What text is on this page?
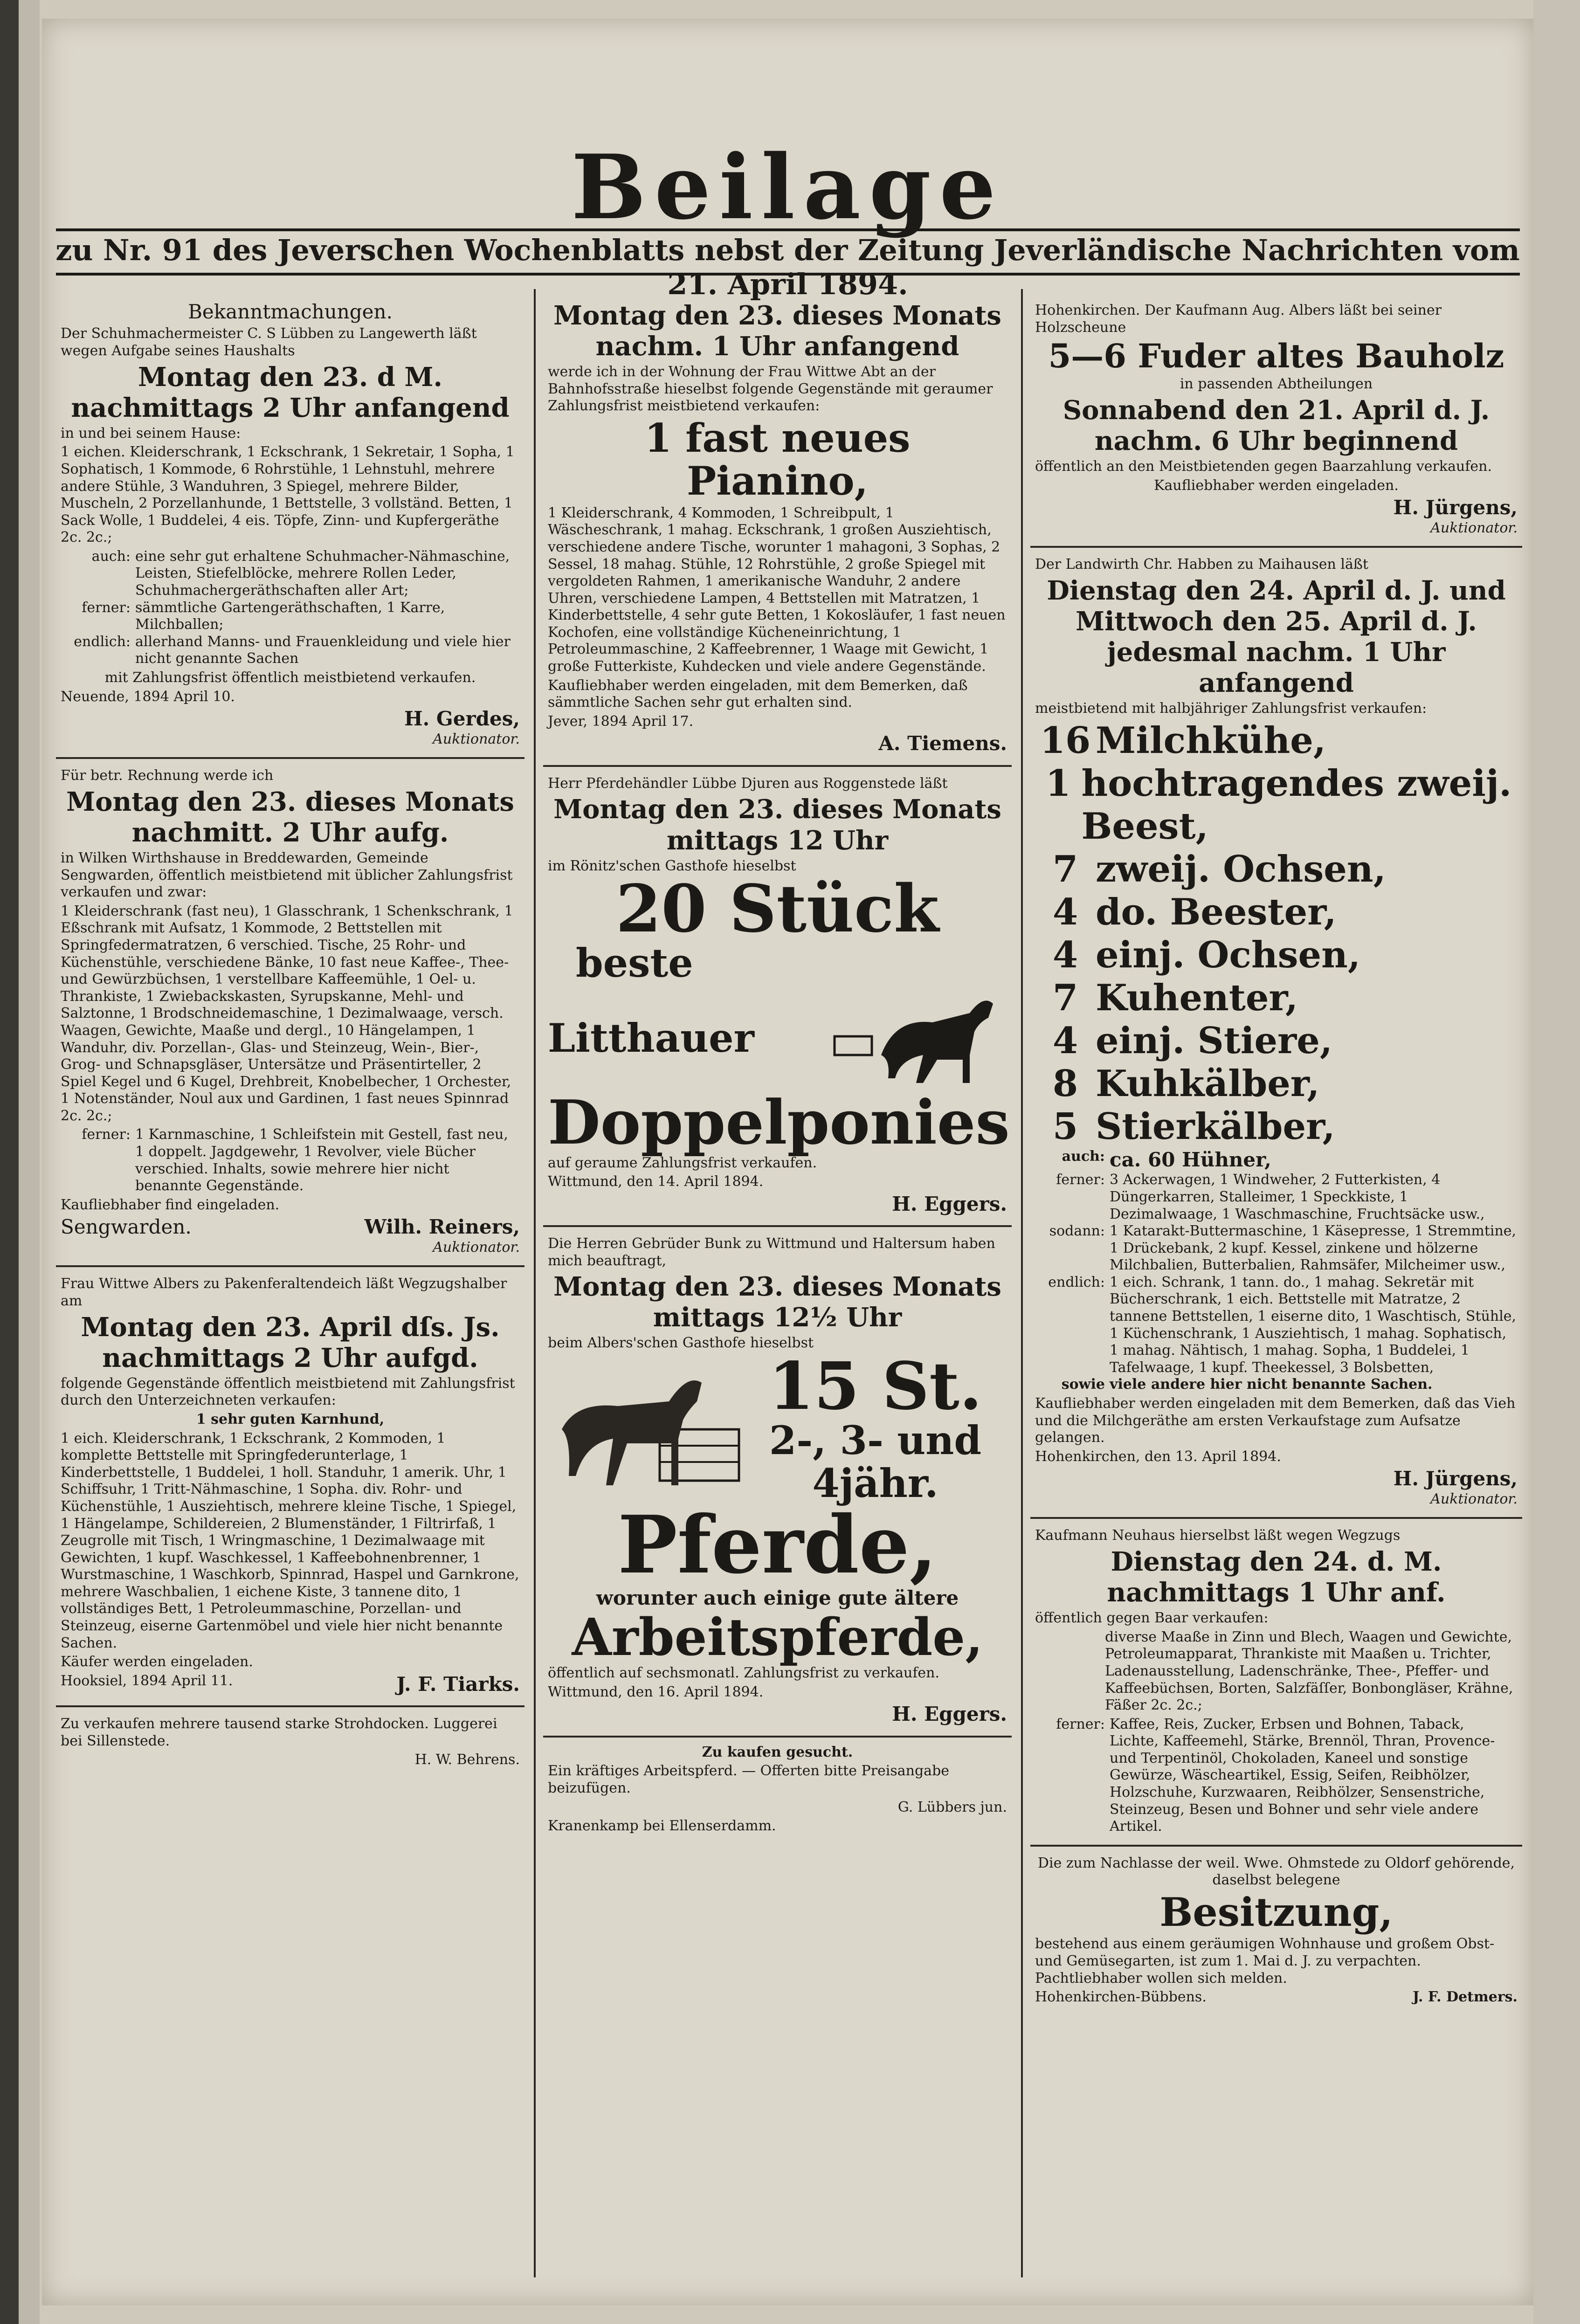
Beilage
zu Nr. 91 des Jeverschen Wochenblatts nebst der Zeitung Jeverländische Nachrichten vom 21. April 1894.
Bekanntmachungen.

Der Schuhmachermeister C. S Lübben zu Langewerth läßt wegen Aufgabe seines Haushalts

Montag den 23. d M.
nachmittags 2 Uhr anfangend

in und bei seinem Hause:

1 eichen. Kleiderschrank, 1 Eckschrank, 1 Sekretair, 1 Sopha, 1 Sophatisch, 1 Kommode, 6 Rohrstühle, 1 Lehnstuhl, mehrere andere Stühle, 3 Wanduhren, 3 Spiegel, mehrere Bilder, Muscheln, 2 Porzellanhunde, 1 Bettstelle, 3 vollständ. Betten, 1 Sack Wolle, 1 Buddelei, 4 eis. Töpfe, Zinn- und Kupfergeräthe 2c. 2c.;

auch: eine sehr gut erhaltene Schuhmacher-Nähmaschine, Leisten, Stiefelblöcke, mehrere Rollen Leder, Schuhmachergeräthschaften aller Art;
ferner: sämmtliche Gartengeräthschaften, 1 Karre, Milchballen;
endlich: allerhand Manns- und Frauenkleidung und viele hier nicht genannte Sachen

mit Zahlungsfrist öffentlich meistbietend verkaufen.

Neuende, 1894 April 10.

H. Gerdes,
Auktionator.

Für betr. Rechnung werde ich

Montag den 23. dieses Monats
nachmitt. 2 Uhr aufg.

in Wilken Wirthshause in Breddewarden, Gemeinde Sengwarden, öffentlich meistbietend mit üblicher Zahlungsfrist verkaufen und zwar:

1 Kleiderschrank (fast neu), 1 Glasschrank, 1 Schenkschrank, 1 Eßschrank mit Aufsatz, 1 Kommode, 2 Bettstellen mit Springfedermatratzen, 6 verschied. Tische, 25 Rohr- und Küchenstühle, verschiedene Bänke, 10 fast neue Kaffee-, Thee- und Gewürzbüchsen, 1 verstellbare Kaffeemühle, 1 Oel- u. Thrankiste, 1 Zwiebackskasten, Syrupskanne, Mehl- und Salztonne, 1 Brodschneidemaschine, 1 Dezimalwaage, versch. Waagen, Gewichte, Maaße und dergl., 10 Hängelampen, 1 Wanduhr, div. Porzellan-, Glas- und Steinzeug, Wein-, Bier-, Grog- und Schnapsgläser, Untersätze und Präsentirteller, 2 Spiel Kegel und 6 Kugel, Drehbreit, Knobelbecher, 1 Orchester, 1 Notenständer, Noul aux und Gardinen, 1 fast neues Spinnrad 2c. 2c.;

ferner: 1 Karnmaschine, 1 Schleifstein mit Gestell, fast neu, 1 doppelt. Jagdgewehr, 1 Revolver, viele Bücher verschied. Inhalts, sowie mehrere hier nicht benannte Gegenstände.

Kaufliebhaber find eingeladen.

Sengwarden.	Wilh. Reiners,
Auktionator.

Frau Wittwe Albers zu Pakenferaltendeich läßt Wegzugshalber am

Montag den 23. April dſs. Js.
nachmittags 2 Uhr aufgd.

folgende Gegenstände öffentlich meistbietend mit Zahlungsfrist durch den Unterzeichneten verkaufen:

1 sehr guten Karnhund,

1 eich. Kleiderschrank, 1 Eckschrank, 2 Kommoden, 1 komplette Bettstelle mit Springfederunterlage, 1 Kinderbettstelle, 1 Buddelei, 1 holl. Standuhr, 1 amerik. Uhr, 1 Schiffsuhr, 1 Tritt-Nähmaschine, 1 Sopha. div. Rohr- und Küchenstühle, 1 Ausziehtisch, mehrere kleine Tische, 1 Spiegel, 1 Hängelampe, Schildereien, 2 Blumenständer, 1 Filtrirfaß, 1 Zeugrolle mit Tisch, 1 Wringmaschine, 1 Dezimalwaage mit Gewichten, 1 kupf. Waschkessel, 1 Kaffeebohnenbrenner, 1 Wurstmaschine, 1 Waschkorb, Spinnrad, Haspel und Garnkrone, mehrere Waschbalien, 1 eichene Kiste, 3 tannene dito, 1 vollständiges Bett, 1 Petroleummaschine, Porzellan- und Steinzeug, eiserne Gartenmöbel und viele hier nicht benannte Sachen.

Käufer werden eingeladen.

Hooksiel, 1894 April 11.	J. F. Tiarks.

Zu verkaufen mehrere tausend starke Strohdocken. Luggerei bei Sillenstede.

H. W. Behrens.
Montag den 23. dieses Monats
nachm. 1 Uhr anfangend

werde ich in der Wohnung der Frau Wittwe Abt an der Bahnhofsstraße hieselbst folgende Gegenstände mit geraumer Zahlungsfrist meistbietend verkaufen:

1 fast neues Pianino,

1 Kleiderschrank, 4 Kommoden, 1 Schreibpult, 1 Wäscheschrank, 1 mahag. Eckschrank, 1 großen Ausziehtisch, verschiedene andere Tische, worunter 1 mahagoni, 3 Sophas, 2 Sessel, 18 mahag. Stühle, 12 Rohrstühle, 2 große Spiegel mit vergoldeten Rahmen, 1 amerikanische Wanduhr, 2 andere Uhren, verschiedene Lampen, 4 Bettstellen mit Matratzen, 1 Kinderbettstelle, 4 sehr gute Betten, 1 Kokosläufer, 1 fast neuen Kochofen, eine vollständige Kücheneinrichtung, 1 Petroleummaschine, 2 Kaffeebrenner, 1 Waage mit Gewicht, 1 große Futterkiste, Kuhdecken und viele andere Gegenstände.

Kaufliebhaber werden eingeladen, mit dem Bemerken, daß sämmtliche Sachen sehr gut erhalten sind.

Jever, 1894 April 17.

A. Tiemens.

Herr Pferdehändler Lübbe Djuren aus Roggenstede läßt

Montag den 23. dieses Monats
mittags 12 Uhr

im Rönitz'schen Gasthofe hieselbst

20 Stück
beste
Litthauer
Doppelponies

auf geraume Zahlungsfrist verkaufen.

Wittmund, den 14. April 1894.

H. Eggers.

Die Herren Gebrüder Bunk zu Wittmund und Haltersum haben mich beauftragt,

Montag den 23. dieses Monats
mittags 12½ Uhr

beim Albers'schen Gasthofe hieselbst

15 St.
2-, 3- und
4jähr.
Pferde,

worunter auch einige gute ältere

Arbeitspferde,

öffentlich auf sechsmonatl. Zahlungsfrist zu verkaufen.

Wittmund, den 16. April 1894.

H. Eggers.
Zu kaufen gesucht.

Ein kräftiges Arbeitspferd. — Offerten bitte Preisangabe beizufügen.

G. Lübbers jun.

Kranenkamp bei Ellenserdamm.

Hohenkirchen. Der Kaufmann Aug. Albers läßt bei seiner Holzscheune

5—6 Fuder altes Bauholz

in passenden Abtheilungen

Sonnabend den 21. April d. J.
nachm. 6 Uhr beginnend

öffentlich an den Meistbietenden gegen Baarzahlung verkaufen.

Kaufliebhaber werden eingeladen.

H. Jürgens,
Auktionator.

Der Landwirth Chr. Habben zu Maihausen läßt

Dienstag den 24. April d. J. und
Mittwoch den 25. April d. J.
jedesmal nachm. 1 Uhr anfangend

meistbietend mit halbjähriger Zahlungsfrist verkaufen:

16 Milchkühe,
1 hochtragendes zweij. Beest,
7 zweij. Ochsen,
4 do. Beester,
4 einj. Ochsen,
7 Kuhenter,
4 einj. Stiere,
8 Kuhkälber,
5 Stierkälber,
auch: ca. 60 Hühner,
ferner: 3 Ackerwagen, 1 Windweher, 2 Futterkisten, 4 Düngerkarren, Stalleimer, 1 Speckkiste, 1 Dezimalwaage, 1 Waschmaschine, Fruchtsäcke usw.,
sodann: 1 Katarakt-Buttermaschine, 1 Käsepresse, 1 Stremmtine, 1 Drückebank, 2 kupf. Kessel, zinkene und hölzerne Milchbalien, Butterbalien, Rahmsäfer, Milcheimer usw.,
endlich: 1 eich. Schrank, 1 tann. do., 1 mahag. Sekretär mit Bücherschrank, 1 eich. Bettstelle mit Matratze, 2 tannene Bettstellen, 1 eiserne dito, 1 Waschtisch, Stühle, 1 Küchenschrank, 1 Ausziehtisch, 1 mahag. Sophatisch, 1 mahag. Nähtisch, 1 mahag. Sopha, 1 Buddelei, 1 Tafelwaage, 1 kupf. Theekessel, 3 Bolsbetten,
sowie viele andere hier nicht benannte Sachen.

Kaufliebhaber werden eingeladen mit dem Bemerken, daß das Vieh und die Milchgeräthe am ersten Verkaufstage zum Aufsatze gelangen.

Hohenkirchen, den 13. April 1894.

H. Jürgens,
Auktionator.

Kaufmann Neuhaus hierselbst läßt wegen Wegzugs

Dienstag den 24. d. M.
nachmittags 1 Uhr anf.

öffentlich gegen Baar verkaufen:

diverse Maaße in Zinn und Blech, Waagen und Gewichte, Petroleumapparat, Thrankiste mit Maaßen u. Trichter, Ladenausstellung, Ladenschränke, Thee-, Pfeffer- und Kaffeebüchsen, Borten, Salzfäſſer, Bonbongläser, Krähne, Fäßer 2c. 2c.;

ferner: Kaffee, Reis, Zucker, Erbsen und Bohnen, Taback, Lichte, Kaffeemehl, Stärke, Brennöl, Thran, Provence- und Terpentinöl, Chokoladen, Kaneel und sonstige Gewürze, Wäscheartikel, Essig, Seifen, Reibhölzer, Holzschuhe, Kurzwaaren, Reibhölzer, Sensenstriche, Steinzeug, Besen und Bohner und sehr viele andere Artikel.

Die zum Nachlasse der weil. Wwe. Ohmstede zu Oldorf gehörende, daselbst belegene

Besitzung,

bestehend aus einem geräumigen Wohnhause und großem Obst- und Gemüsegarten, ist zum 1. Mai d. J. zu verpachten. Pachtliebhaber wollen sich melden.

Hohenkirchen-Bübbens.	J. F. Detmers.
